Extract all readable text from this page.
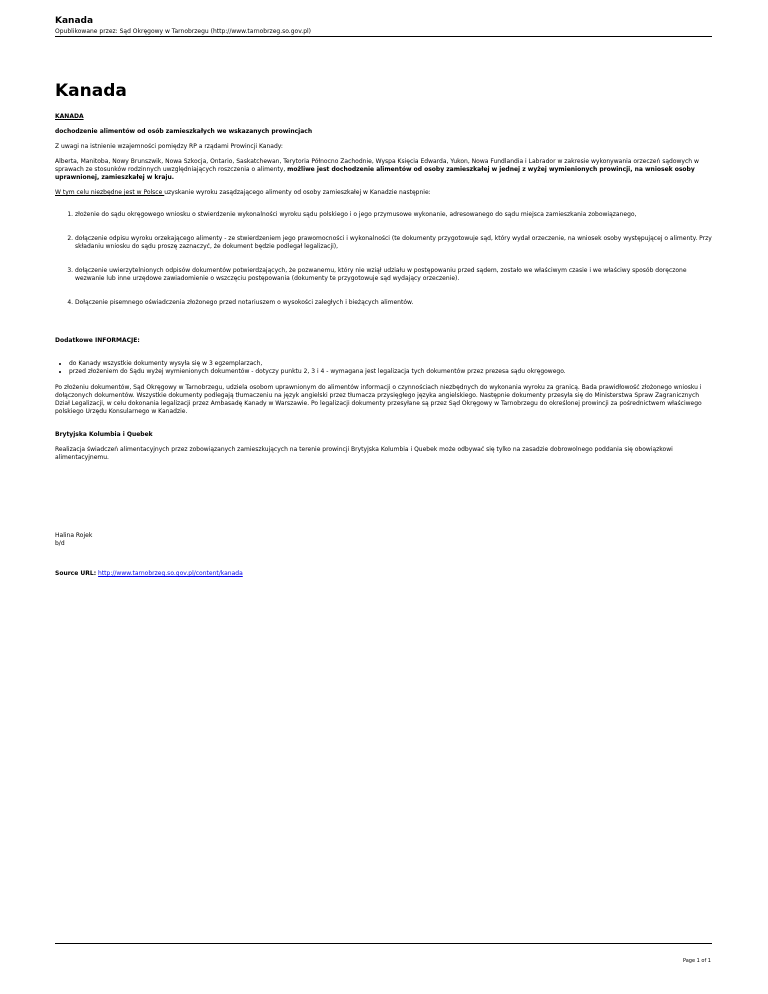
Kanada
Opublikowane przez: Sąd Okręgowy w Tarnobrzegu (http://www.tarnobrzeg.so.gov.pl)
Kanada

KANADA

dochodzenie alimentów od osób zamieszkałych we wskazanych prowincjach

Z uwagi na istnienie wzajemności pomiędzy RP a rządami Prowincji Kanady:

Alberta, Manitoba, Nowy Brunszwik, Nowa Szkocja, Ontario, Saskatchewan, Terytoria Północno Zachodnie, Wyspa Księcia Edwarda, Yukon, Nowa Fundlandia i Labrador w zakresie wykonywania orzeczeń sądowych w sprawach ze stosunków rodzinnych uwzględniających roszczenia o alimenty, możliwe jest dochodzenie alimentów od osoby zamieszkałej w jednej z wyżej wymienionych prowincji, na wniosek osoby uprawnionej, zamieszkałej w kraju.

W tym celu niezbędne jest w Polsce uzyskanie wyroku zasądzającego alimenty od osoby zamieszkałej w Kanadzie następnie:

1. złożenie do sądu okręgowego wniosku o stwierdzenie wykonalności wyroku sądu polskiego i o jego przymusowe wykonanie, adresowanego do sądu miejsca zamieszkania zobowiązanego,
2. dołączenie odpisu wyroku orzekającego alimenty - ze stwierdzeniem jego prawomocności i wykonalności (te dokumenty przygotowuje sąd, który wydał orzeczenie, na wniosek osoby występującej o alimenty. Przy składaniu wniosku do sądu proszę zaznaczyć, że dokument będzie podlegał legalizacji),
3. dołączenie uwierzytelnionych odpisów dokumentów potwierdzających, że pozwanemu, który nie wziął udziału w postępowaniu przed sądem, zostało we właściwym czasie i we właściwy sposób doręczone wezwanie lub inne urzędowe zawiadomienie o wszczęciu postępowania (dokumenty te przygotowuje sąd wydający orzeczenie).
4. Dołączenie pisemnego oświadczenia złożonego przed notariuszem o wysokości zaległych i bieżących alimentów.

Dodatkowe INFORMACJE:

• do Kanady wszystkie dokumenty wysyła się w 3 egzemplarzach,
• przed złożeniem do Sądu wyżej wymienionych dokumentów - dotyczy punktu 2, 3 i 4 - wymagana jest legalizacja tych dokumentów przez prezesa sądu okręgowego.

Po złożeniu dokumentów, Sąd Okręgowy w Tarnobrzegu, udziela osobom uprawnionym do alimentów informacji o czynnościach niezbędnych do wykonania wyroku za granicą. Bada prawidłowość złożonego wniosku i dołączonych dokumentów. Wszystkie dokumenty podlegają tłumaczeniu na język angielski przez tłumacza przysięgłego języka angielskiego. Następnie dokumenty przesyła się do Ministerstwa Spraw Zagranicznych Dział Legalizacji, w celu dokonania legalizacji przez Ambasadę Kanady w Warszawie. Po legalizacji dokumenty przesyłane są przez Sąd Okręgowy w Tarnobrzegu do określonej prowincji za pośrednictwem właściwego polskiego Urzędu Konsularnego w Kanadzie.

Brytyjska Kolumbia i Quebek

Realizacja świadczeń alimentacyjnych przez zobowiązanych zamieszkujących na terenie prowincji Brytyjska Kolumbia i Quebek może odbywać się tylko na zasadzie dobrowolnego poddania się obowiązkowi alimentacyjnemu.

Halina Rojek

b/d

Source URL: http://www.tarnobrzeg.so.gov.pl/content/kanada

Page 1 of 1
